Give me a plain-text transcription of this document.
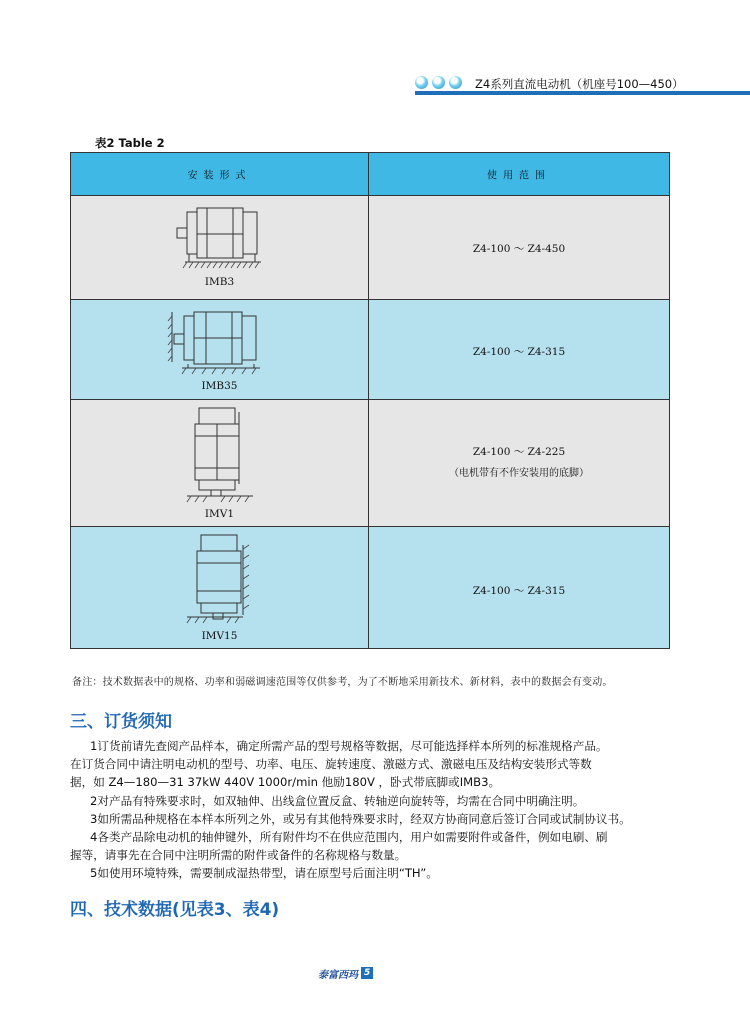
Z4系列直流电动机（机座号100—450）
表2 Table 2
安装形式	使用范围
IMB3
Z4-100 ～ Z4-450
IMB35
Z4-100 ～ Z4-315
IMV1
Z4-100 ～ Z4-225
（电机带有不作安装用的底脚）
IMV15
Z4-100 ～ Z4-315
备注：技术数据表中的规格、功率和弱磁调速范围等仅供参考，为了不断地采用新技术、新材料，表中的数据会有变动。
三、订货须知

1订货前请先查阅产品样本，确定所需产品的型号规格等数据，尽可能选择样本所列的标准规格产品。

在订货合同中请注明电动机的型号、功率、电压、旋转速度、激磁方式、激磁电压及结构安装形式等数

据，如 Z4—180—31 37kW 440V 1000r/min 他励180V ，卧式带底脚或IMB3。

2对产品有特殊要求时，如双轴伸、出线盒位置反盒、转轴逆向旋转等，均需在合同中明确注明。

3如所需品种规格在本样本所列之外，或另有其他特殊要求时，经双方协商同意后签订合同或试制协议书。

4各类产品除电动机的轴伸键外，所有附件均不在供应范围内，用户如需要附件或备件，例如电刷、刷

握等，请事先在合同中注明所需的附件或备件的名称规格与数量。

5如使用环境特殊，需要制成湿热带型，请在原型号后面注明“TH”。

四、技术数据(见表3、表4)
泰富西玛 5
